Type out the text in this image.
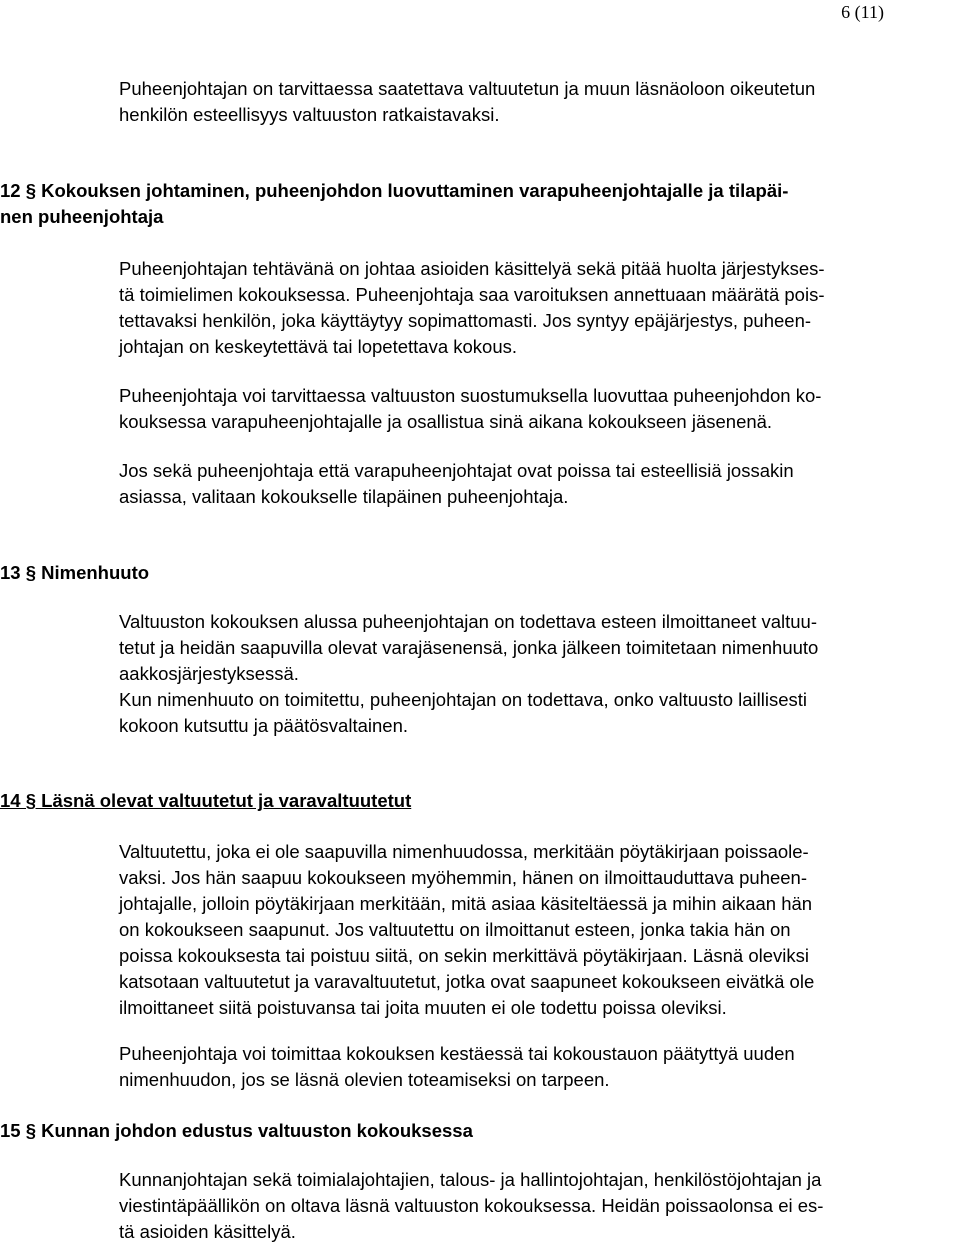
6 (11)
Puheenjohtajan on tarvittaessa saatettava valtuutetun ja muun läsnäoloon oikeutetun
henkilön esteellisyys valtuuston ratkaistavaksi.
12 § Kokouksen johtaminen, puheenjohdon luovuttaminen varapuheenjohtajalle ja tilapäi-
nen puheenjohtaja
Puheenjohtajan tehtävänä on johtaa asioiden käsittelyä sekä pitää huolta järjestykses-
tä toimielimen kokouksessa. Puheenjohtaja saa varoituksen annettuaan määrätä pois-
tettavaksi henkilön, joka käyttäytyy sopimattomasti. Jos syntyy epäjärjestys, puheen-
johtajan on keskeytettävä tai lopetettava kokous.
Puheenjohtaja voi tarvittaessa valtuuston suostumuksella luovuttaa puheenjohdon ko-
kouksessa varapuheenjohtajalle ja osallistua sinä aikana kokoukseen jäsenenä.
Jos sekä puheenjohtaja että varapuheenjohtajat ovat poissa tai esteellisiä jossakin
asiassa, valitaan kokoukselle tilapäinen puheenjohtaja.
13 § Nimenhuuto
Valtuuston kokouksen alussa puheenjohtajan on todettava esteen ilmoittaneet valtuu-
tetut ja heidän saapuvilla olevat varajäsenensä, jonka jälkeen toimitetaan nimenhuuto
aakkosjärjestyksessä.
Kun nimenhuuto on toimitettu, puheenjohtajan on todettava, onko valtuusto laillisesti
kokoon kutsuttu ja päätösvaltainen.
14 § Läsnä olevat valtuutetut ja varavaltuutetut
Valtuutettu, joka ei ole saapuvilla nimenhuudossa, merkitään pöytäkirjaan poissaole-
vaksi. Jos hän saapuu kokoukseen myöhemmin, hänen on ilmoittauduttava puheen-
johtajalle, jolloin pöytäkirjaan merkitään, mitä asiaa käsiteltäessä ja mihin aikaan hän
on kokoukseen saapunut. Jos valtuutettu on ilmoittanut esteen, jonka takia hän on
poissa kokouksesta tai poistuu siitä, on sekin merkittävä pöytäkirjaan. Läsnä oleviksi
katsotaan valtuutetut ja varavaltuutetut, jotka ovat saapuneet kokoukseen eivätkä ole
ilmoittaneet siitä poistuvansa tai joita muuten ei ole todettu poissa oleviksi.
Puheenjohtaja voi toimittaa kokouksen kestäessä tai kokoustauon päätyttyä uuden
nimenhuudon, jos se läsnä olevien toteamiseksi on tarpeen.
15 § Kunnan johdon edustus valtuuston kokouksessa
Kunnanjohtajan sekä toimialajohtajien, talous- ja hallintojohtajan, henkilöstöjohtajan ja
viestintäpäällikön on oltava läsnä valtuuston kokouksessa. Heidän poissaolonsa ei es-
tä asioiden käsittelyä.
